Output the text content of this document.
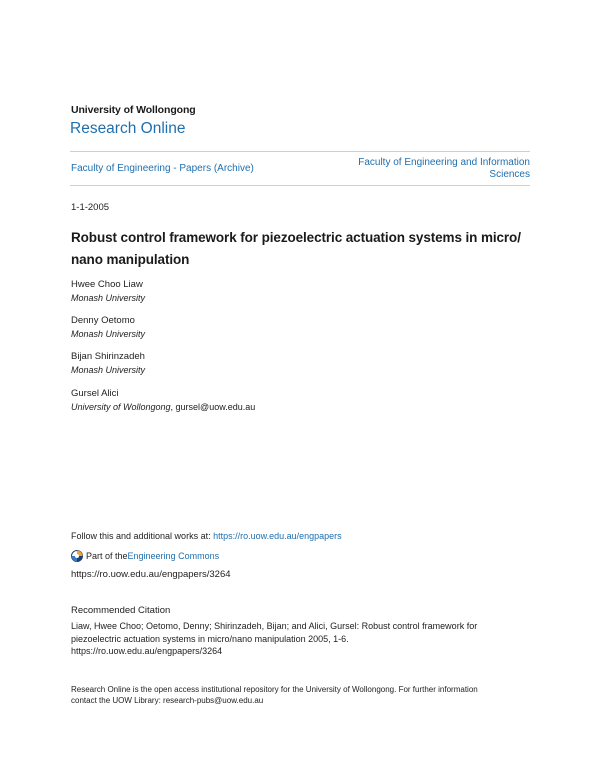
University of Wollongong
Research Online
Faculty of Engineering - Papers (Archive)
Faculty of Engineering and Information
Sciences
1-1-2005
Robust control framework for piezoelectric actuation systems in micro/ nano manipulation
Hwee Choo Liaw
Monash University
Denny Oetomo
Monash University
Bijan Shirinzadeh
Monash University
Gursel Alici
University of Wollongong, gursel@uow.edu.au
Follow this and additional works at: https://ro.uow.edu.au/engpapers
Part of the Engineering Commons
https://ro.uow.edu.au/engpapers/3264
Recommended Citation
Liaw, Hwee Choo; Oetomo, Denny; Shirinzadeh, Bijan; and Alici, Gursel: Robust control framework for
piezoelectric actuation systems in micro/nano manipulation 2005, 1-6.
https://ro.uow.edu.au/engpapers/3264
Research Online is the open access institutional repository for the University of Wollongong. For further information
contact the UOW Library: research-pubs@uow.edu.au
